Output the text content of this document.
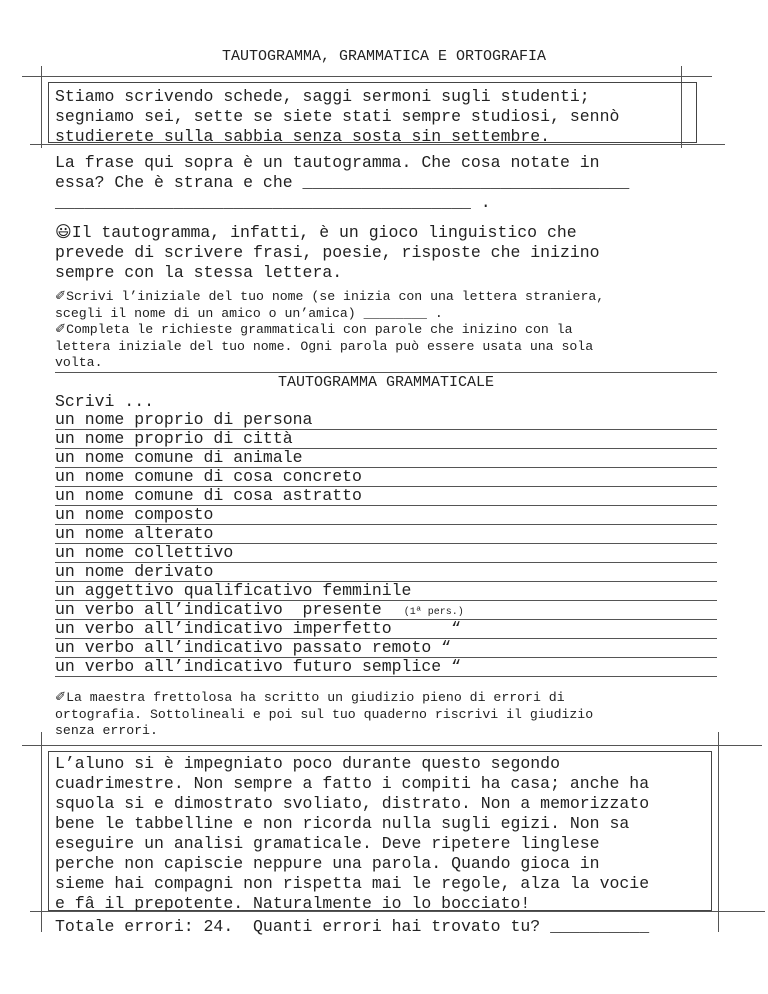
TAUTOGRAMMA, GRAMMATICA E ORTOGRAFIA

Stiamo scrivendo schede, saggi sermoni sugli studenti;

segniamo sei, sette se siete stati sempre studiosi, sennò

studierete sulla sabbia senza sosta sin settembre.

La frase qui sopra è un tautogramma. Che cosa notate in

essa? Che è strana e che _________________________________

__________________________________________ .

😃Il tautogramma, infatti, è un gioco linguistico che

prevede di scrivere frasi, poesie, risposte che inizino

sempre con la stessa lettera.

✐Scrivi l’iniziale del tuo nome (se inizia con una lettera straniera,

scegli il nome di un amico o un’amica) ________ .

✐Completa le richieste grammaticali con parole che inizino con la

lettera iniziale del tuo nome. Ogni parola può essere usata una sola

volta.

TAUTOGRAMMA GRAMMATICALE
Scrivi ...
un nome proprio di persona
un nome proprio di città
un nome comune di animale
un nome comune di cosa concreto
un nome comune di cosa astratto
un nome composto
un nome alterato
un nome collettivo
un nome derivato
un aggettivo qualificativo femminile
un verbo all’indicativo  presente (1ª pers.)
un verbo all’indicativo imperfetto      “
un verbo all’indicativo passato remoto “
un verbo all’indicativo futuro semplice “

✐La maestra frettolosa ha scritto un giudizio pieno di errori di

ortografia. Sottolineali e poi sul tuo quaderno riscrivi il giudizio

senza errori.

L’aluno si è impegniato poco durante questo segondo

cuadrimestre. Non sempre a fatto i compiti ha casa; anche ha

squola si e dimostrato svoliato, distrato. Non a memorizzato

bene le tabbelline e non ricorda nulla sugli egizi. Non sa

eseguire un analisi gramaticale. Deve ripetere linglese

perche non capiscie neppure una parola. Quando gioca in

sieme hai compagni non rispetta mai le regole, alza la vocie

e fâ il prepotente. Naturalmente io lo bocciato!

Totale errori: 24.  Quanti errori hai trovato tu? __________
